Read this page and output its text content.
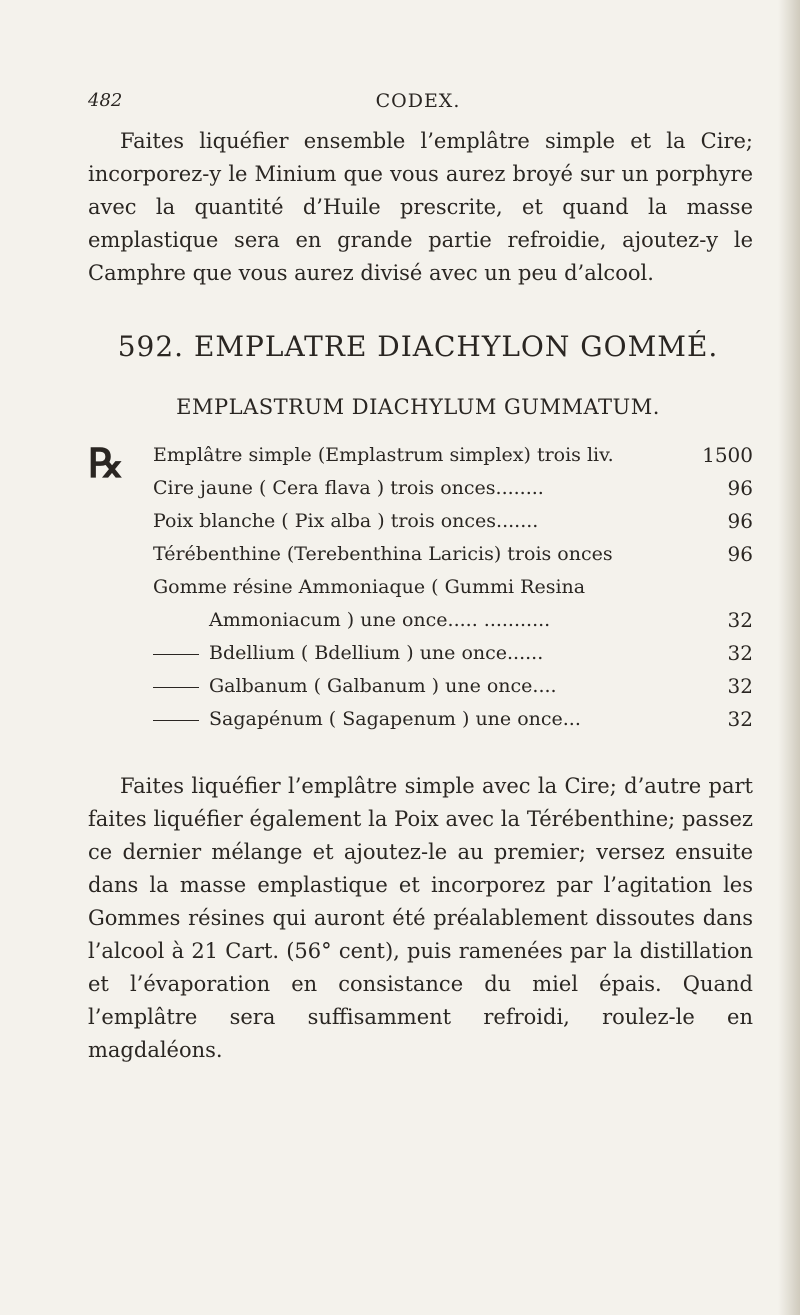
482	CODEX.
Faites liquéfier ensemble l’emplâtre simple et la Cire; incorporez-y le Minium que vous aurez broyé sur un porphyre avec la quantité d’Huile prescrite, et quand la masse emplastique sera en grande partie refroidie, ajoutez-y le Camphre que vous aurez divisé avec un peu d’alcool.
592. EMPLATRE DIACHYLON GOMMÉ.
EMPLASTRUM DIACHYLUM GUMMATUM.
℞ Emplâtre simple (Emplastrum simplex) trois liv.	1500
Cire jaune ( Cera flava ) trois onces........	96
Poix blanche ( Pix alba ) trois onces.......	96
Térébenthine (Terebenthina Laricis) trois onces	96
Gomme résine Ammoniaque ( Gummi Resina
Ammoniacum ) une once..... ...........	32
Bdellium ( Bdellium ) une once......	32
Galbanum ( Galbanum ) une once....	32
Sagapénum ( Sagapenum ) une once...	32
Faites liquéfier l’emplâtre simple avec la Cire; d’autre part faites liquéfier également la Poix avec la Térébenthine; passez ce dernier mélange et ajoutez-le au premier; versez ensuite dans la masse emplastique et incorporez par l’agitation les Gommes résines qui auront été préalablement dissoutes dans l’alcool à 21 Cart. (56° cent), puis ramenées par la distillation et l’évaporation en consistance du miel épais. Quand l’emplâtre sera suffisamment refroidi, roulez-le en magdaléons.
